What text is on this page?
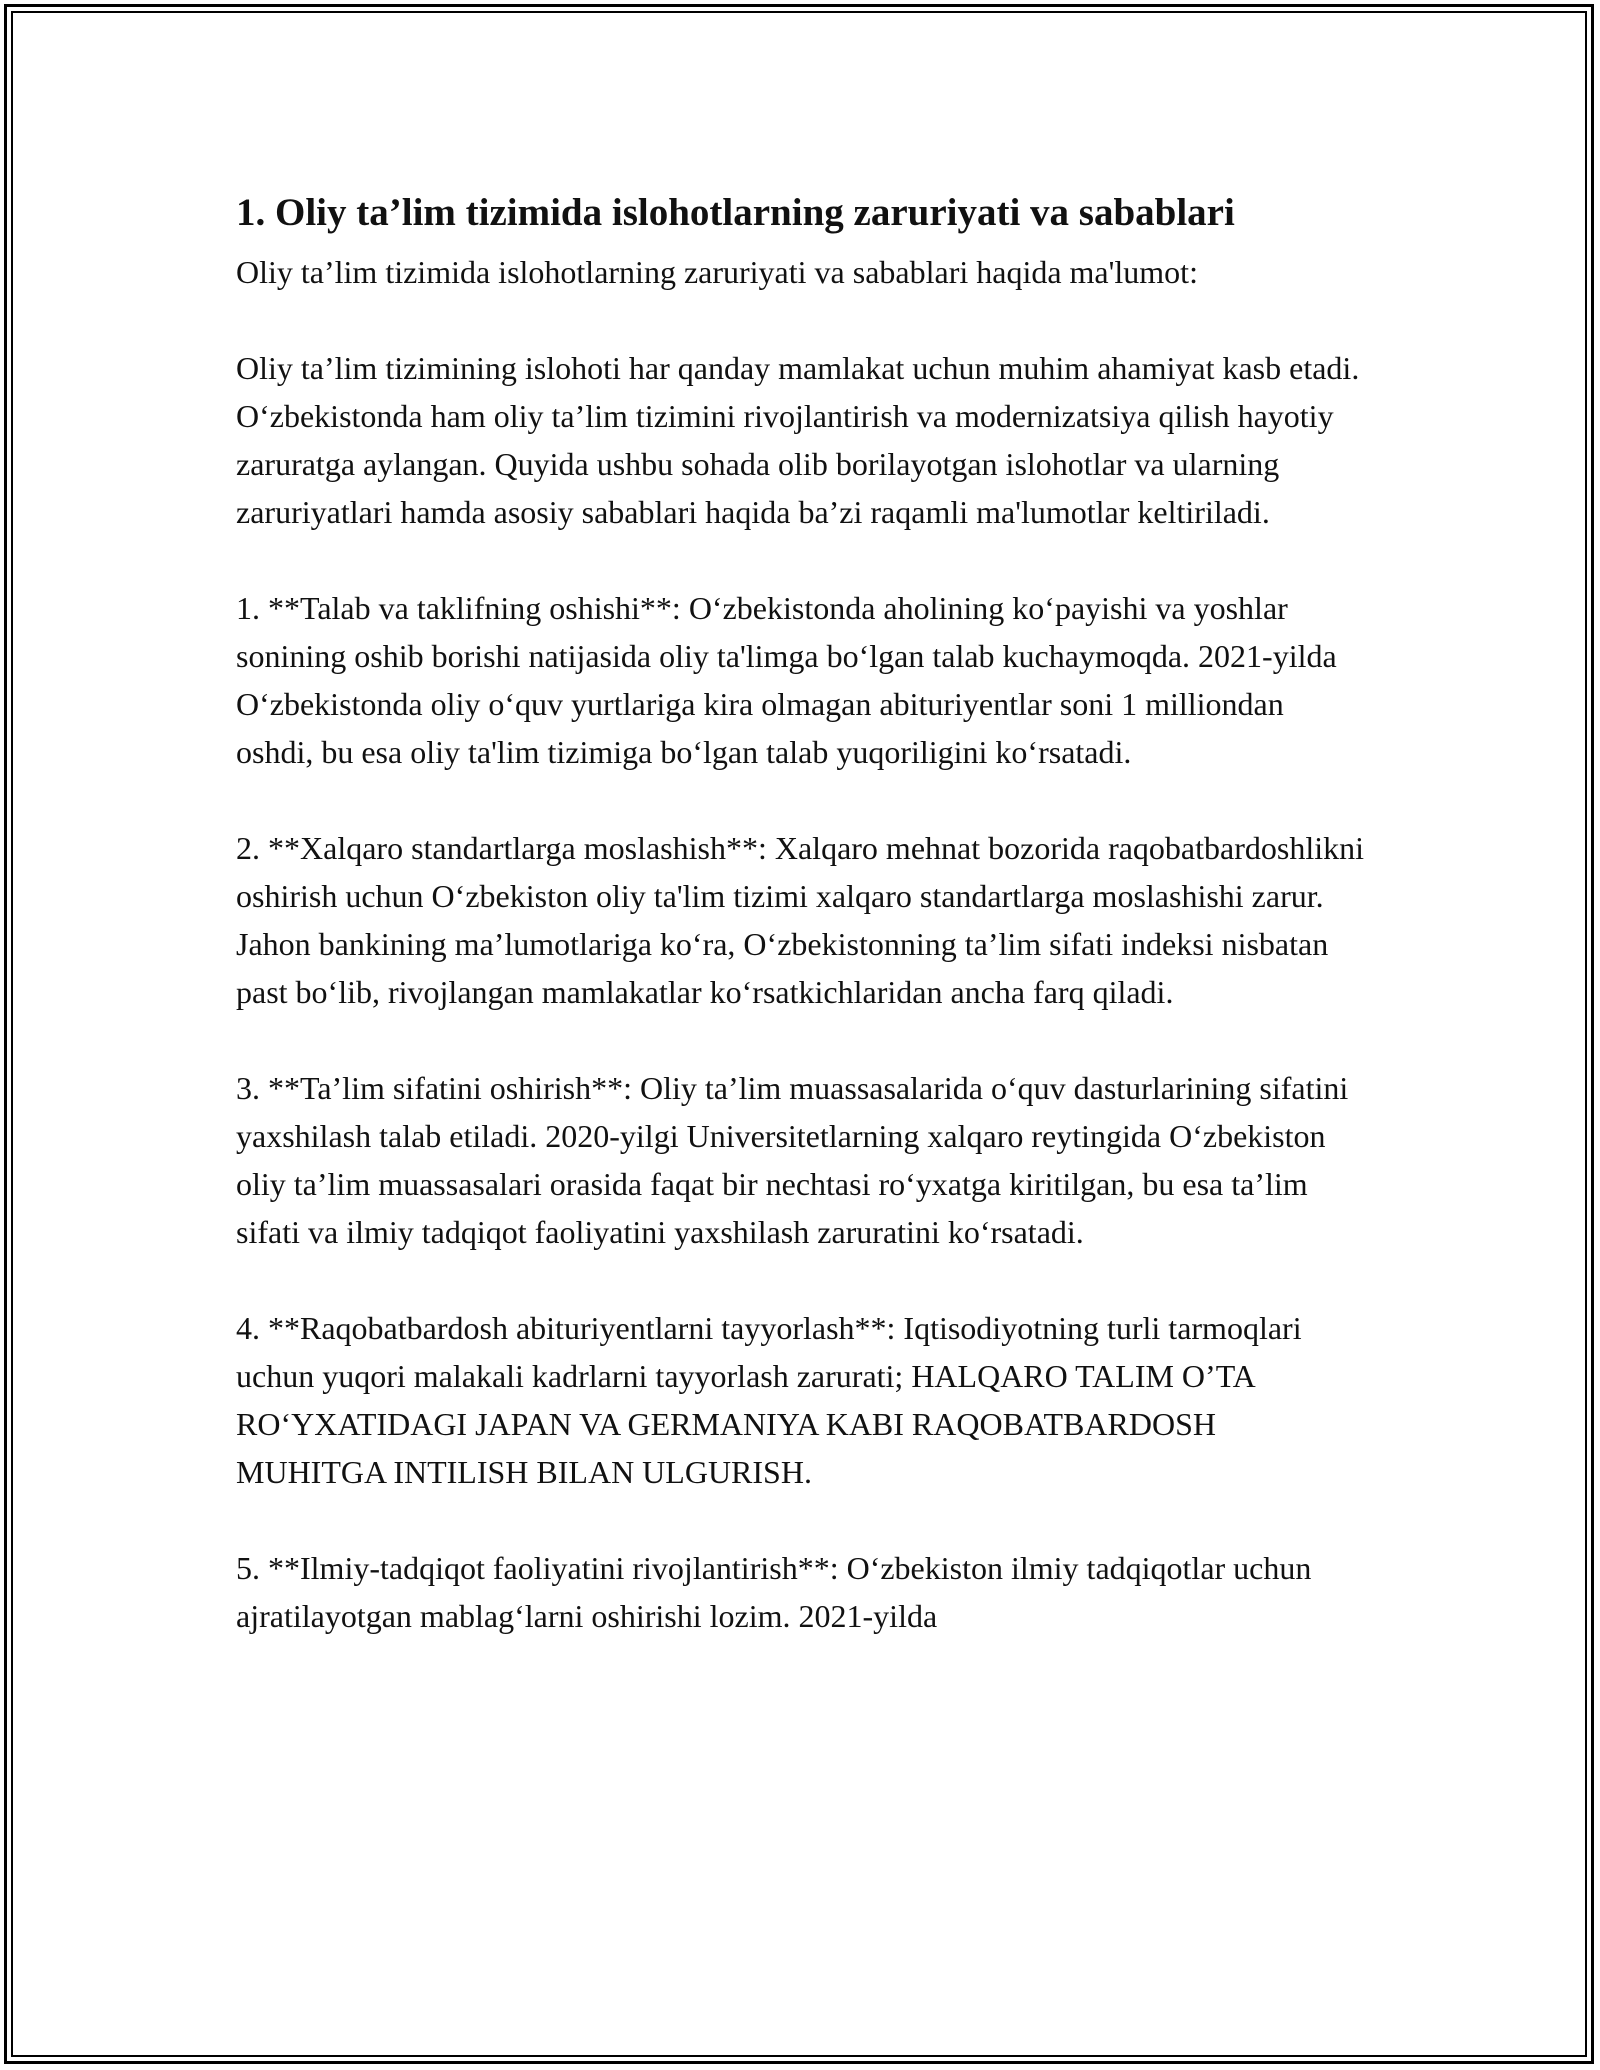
1. Oliy ta’lim tizimida islohotlarning zaruriyati va sabablari

Oliy ta’lim tizimida islohotlarning zaruriyati va sabablari haqida ma'lumot:

Oliy ta’lim tizimining islohoti har qanday mamlakat uchun muhim ahamiyat kasb etadi. O‘zbekistonda ham oliy ta’lim tizimini rivojlantirish va modernizatsiya qilish hayotiy zaruratga aylangan. Quyida ushbu sohada olib borilayotgan islohotlar va ularning zaruriyatlari hamda asosiy sabablari haqida ba’zi raqamli ma'lumotlar keltiriladi.

1. **Talab va taklifning oshishi**: O‘zbekistonda aholining ko‘payishi va yoshlar sonining oshib borishi natijasida oliy ta'limga bo‘lgan talab kuchaymoqda. 2021-yilda O‘zbekistonda oliy o‘quv yurtlariga kira olmagan abituriyentlar soni 1 milliondan oshdi, bu esa oliy ta'lim tizimiga bo‘lgan talab yuqoriligini ko‘rsatadi.

2. **Xalqaro standartlarga moslashish**: Xalqaro mehnat bozorida raqobatbardoshlikni oshirish uchun O‘zbekiston oliy ta'lim tizimi xalqaro standartlarga moslashishi zarur. Jahon bankining ma’lumotlariga ko‘ra, O‘zbekistonning ta’lim sifati indeksi nisbatan past bo‘lib, rivojlangan mamlakatlar ko‘rsatkichlaridan ancha farq qiladi.

3. **Ta’lim sifatini oshirish**: Oliy ta’lim muassasalarida o‘quv dasturlarining sifatini yaxshilash talab etiladi. 2020-yilgi Universitetlarning xalqaro reytingida O‘zbekiston oliy ta’lim muassasalari orasida faqat bir nechtasi ro‘yxatga kiritilgan, bu esa ta’lim sifati va ilmiy tadqiqot faoliyatini yaxshilash zaruratini ko‘rsatadi.

4. **Raqobatbardosh abituriyentlarni tayyorlash**: Iqtisodiyotning turli tarmoqlari uchun yuqori malakali kadrlarni tayyorlash zarurati; HALQARO TALIM O’TA RO‘YXATIDAGI JAPAN VA GERMANIYA KABI RAQOBATBARDOSH MUHITGA INTILISH BILAN ULGURISH.

5. **Ilmiy-tadqiqot faoliyatini rivojlantirish**: O‘zbekiston ilmiy tadqiqotlar uchun ajratilayotgan mablag‘larni oshirishi lozim. 2021-yilda
